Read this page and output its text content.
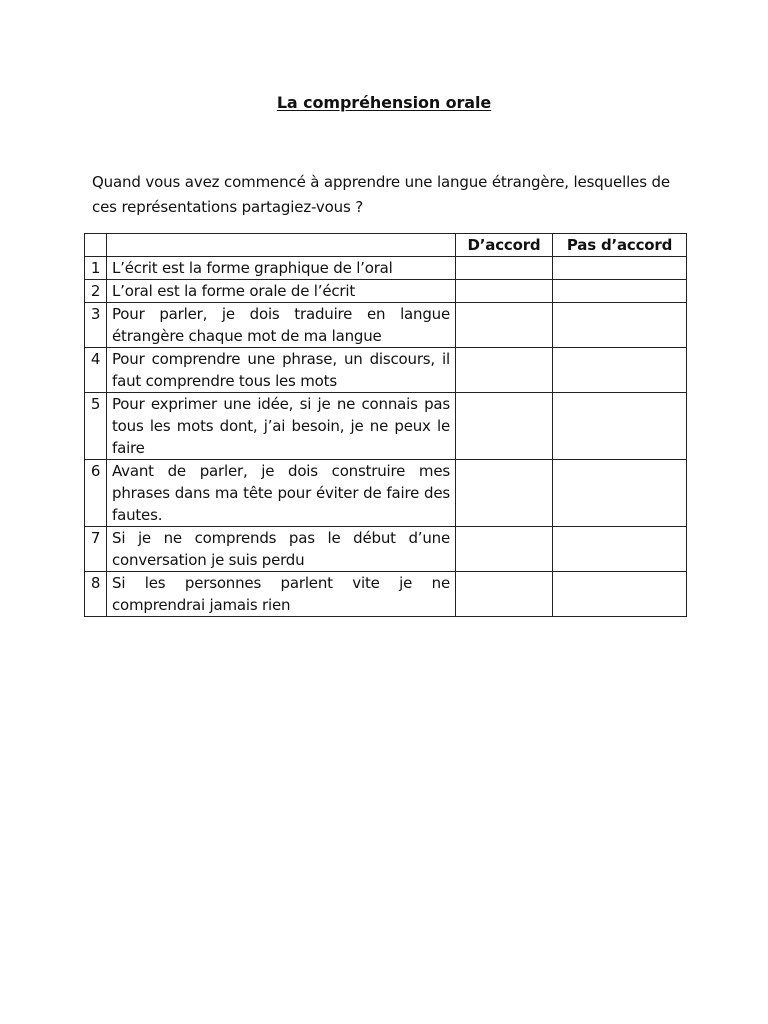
La compréhension orale
Quand vous avez commencé à apprendre une langue étrangère, lesquelles de ces représentations partagiez-vous ?
		D’accord	Pas d’accord
1	L’écrit est la forme graphique de l’oral		
2	L’oral est la forme orale de l’écrit		
3	Pour parler, je dois traduire en langue étrangère chaque mot de ma langue		
4	Pour comprendre une phrase, un discours, il faut comprendre tous les mots		
5	Pour exprimer une idée, si je ne connais pas tous les mots dont, j’ai besoin, je ne peux le faire		
6	Avant de parler, je dois construire mes phrases dans ma tête pour éviter de faire des fautes.		
7	Si je ne comprends pas le début d’une conversation je suis perdu		
8	Si les personnes parlent vite je ne comprendrai jamais rien		
